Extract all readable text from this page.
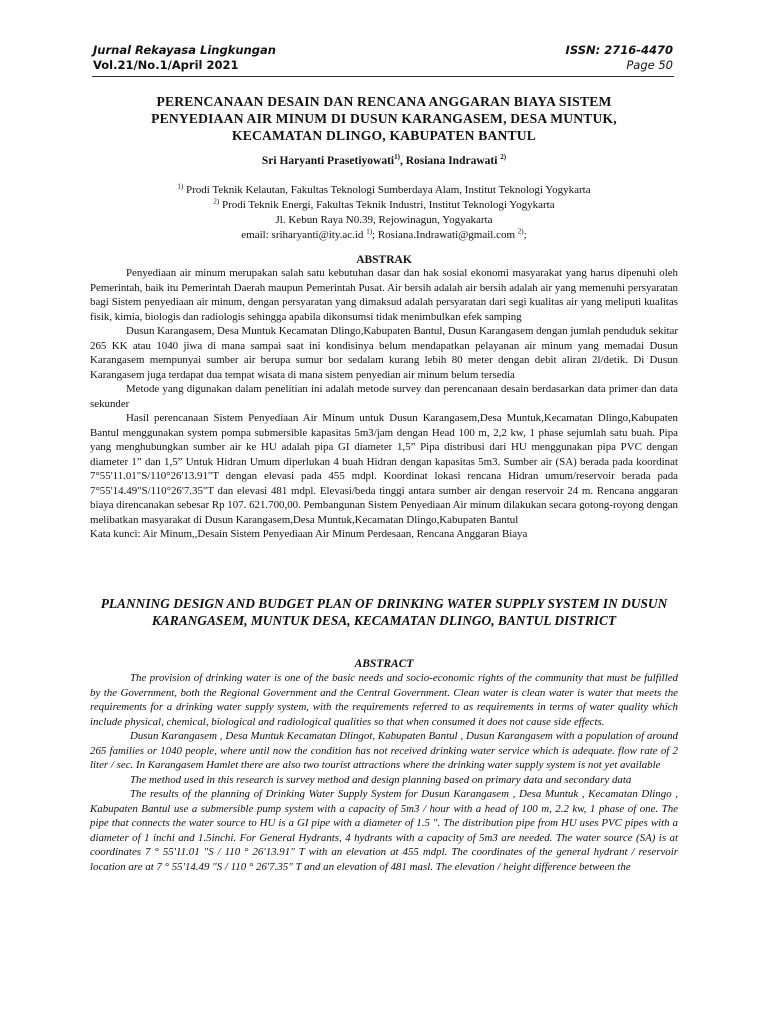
Jurnal Rekayasa Lingkungan
Vol.21/No.1/April 2021
ISSN: 2716-4470
Page 50
PERENCANAAN DESAIN DAN RENCANA ANGGARAN BIAYA SISTEM PENYEDIAAN AIR MINUM DI DUSUN KARANGASEM, DESA MUNTUK, KECAMATAN DLINGO, KABUPATEN BANTUL
Sri Haryanti Prasetiyowati$^{1)}$, Rosiana Indrawati $^{2)}$
$^{1)}$ Prodi Teknik Kelautan, Fakultas Teknologi Sumberdaya Alam, Institut Teknologi Yogykarta
$^{2)}$ Prodi Teknik Energi, Fakultas Teknik Industri, Institut Teknologi Yogykarta
Jl. Kebun Raya N0.39, Rejowinagun, Yogyakarta
email: sriharyanti@ity.ac.id $^{1)}$; Rosiana.Indrawati@gmail.com $^{2)}$;
ABSTRAK

Penyediaan air minum merupakan salah satu kebutuhan dasar dan hak sosial ekonomi masyarakat yang harus dipenuhi oleh Pemerintah, baik itu Pemerintah Daerah maupun Pemerintah Pusat. Air bersih adalah air bersih adalah air yang memenuhi persyaratan bagi Sistem penyediaan air minum, dengan persyaratan yang dimaksud adalah persyaratan dari segi kualitas air yang meliputi kualitas fisik, kimia, biologis dan radiologis sehingga apabila dikonsumsi tidak menimbulkan efek samping

Dusun Karangasem, Desa Muntuk Kecamatan Dlingo,Kabupaten Bantul, Dusun Karangasem dengan jumlah penduduk sekitar 265 KK atau 1040 jiwa di mana sampai saat ini kondisinya belum mendapatkan pelayanan air minum yang memadai Dusun Karangasem mempunyai sumber air berupa sumur bor sedalam kurang lebih 80 meter dengan debit aliran 2l/detik. Di Dusun Karangasem juga terdapat dua tempat wisata di mana sistem penyedian air minum belum tersedia

Metode yang digunakan dalam penelitian ini adalah metode survey dan perencanaan desain berdasarkan data primer dan data sekunder

Hasil perencanaan Sistem Penyediaan Air Minum untuk Dusun Karangasem,Desa Muntuk,Kecamatan Dlingo,Kabupaten Bantul menggunakan system pompa submersible kapasitas 5m3/jam dengan Head 100 m, 2,2 kw, 1 phase sejumlah satu buah. Pipa yang menghubungkan sumber air ke HU adalah pipa GI diameter 1,5” Pipa distribusi dari HU menggunakan pipa PVC dengan diameter 1” dan 1,5” Untuk Hidran Umum diperlukan 4 buah Hidran dengan kapasitas 5m3. Sumber air (SA) berada pada koordinat 7°55'11.01"S/110°26'13.91"T dengan elevasi pada 455 mdpl. Koordinat lokasi rencana Hidran umum/reservoir berada pada 7°55'14.49"S/110°26'7.35"T dan elevasi 481 mdpl. Elevasi/beda tinggi antara sumber air dengan reservoir 24 m. Rencana anggaran biaya direncanakan sebesar Rp 107. 621.700,00. Pembangunan Sistem Penyediaan Air minum dilakukan secara gotong-royong dengan melibatkan masyarakat di Dusun Karangasem,Desa Muntuk,Kecamatan Dlingo,Kabupaten Bantul

Kata kunci: Air Minum,,Desain Sistem Penyediaan Air Minum Perdesaan, Rencana Anggaran Biaya

PLANNING DESIGN AND BUDGET PLAN OF DRINKING WATER SUPPLY SYSTEM IN DUSUN KARANGASEM, MUNTUK DESA, KECAMATAN DLINGO, BANTUL DISTRICT
ABSTRACT

The provision of drinking water is one of the basic needs and socio-economic rights of the community that must be fulfilled by the Government, both the Regional Government and the Central Government. Clean water is clean water is water that meets the requirements for a drinking water supply system, with the requirements referred to as requirements in terms of water quality which include physical, chemical, biological and radiological qualities so that when consumed it does not cause side effects.

Dusun Karangasem , Desa Muntuk Kecamatan Dlingot, Kabupaten Bantul , Dusun Karangasem with a population of around 265 families or 1040 people, where until now the condition has not received drinking water service which is adequate. flow rate of 2 liter / sec. In Karangasem Hamlet there are also two tourist attractions where the drinking water supply system is not yet available

The method used in this research is survey method and design planning based on primary data and secondary data

The results of the planning of Drinking Water Supply System for Dusun Karangasem , Desa Muntuk , Kecamatan Dlingo , Kabupaten Bantul use a submersible pump system with a capacity of 5m3 / hour with a head of 100 m, 2.2 kw, 1 phase of one. The pipe that connects the water source to HU is a GI pipe with a diameter of 1.5 ". The distribution pipe from HU uses PVC pipes with a diameter of 1 inchi and 1.5inchi. For General Hydrants, 4 hydrants with a capacity of 5m3 are needed. The water source (SA) is at coordinates 7 ° 55'11.01 "S / 110 ° 26'13.91" T with an elevation at 455 mdpl. The coordinates of the general hydrant / reservoir location are at 7 ° 55'14.49 "S / 110 ° 26'7.35" T and an elevation of 481 masl. The elevation / height difference between the
